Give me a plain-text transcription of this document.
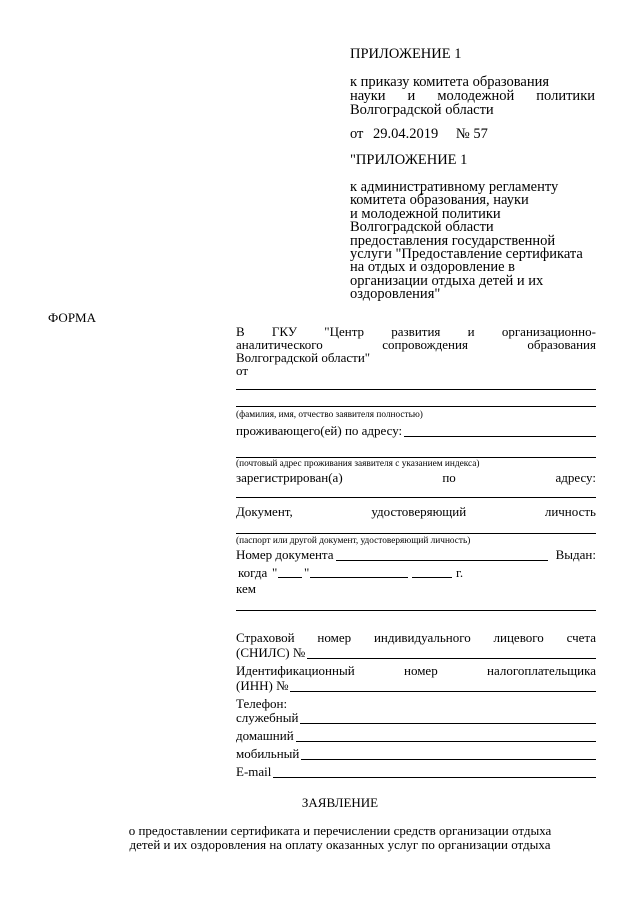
ПРИЛОЖЕНИЕ 1
к приказу комитета образования
науки и молодежной политики
Волгоградской области
от 29.04.2019 № 57
"ПРИЛОЖЕНИЕ 1
к административному регламенту
комитета образования, науки
и молодежной политики
Волгоградской области
предоставления государственной
услуги "Предоставление сертификата
на отдых и оздоровление в
организации отдыха детей и их
оздоровления"
ФОРМА
В ГКУ "Центр развития и организационно-
аналитического	сопровождения	образования
Волгоградской области"
от
(фамилия, имя, отчество заявителя полностью)
проживающего(ей) по адресу:
(почтовый адрес проживания заявителя с указанием индекса)
зарегистрирован(а)	по	адресу:
Документ,	удостоверяющий	личность
(паспорт или другой документ, удостоверяющий личность)
Номер документа	Выдан:
когда " "	г.
кем
Страховой номер индивидуального лицевого счета
(СНИЛС) №
Идентификационный	номер	налогоплательщика
(ИНН) №
Телефон:
служебный
домашний
мобильный
E-mail
ЗАЯВЛЕНИЕ
о предоставлении сертификата и перечислении средств организации отдыха
детей и их оздоровления на оплату оказанных услуг по организации отдыха
